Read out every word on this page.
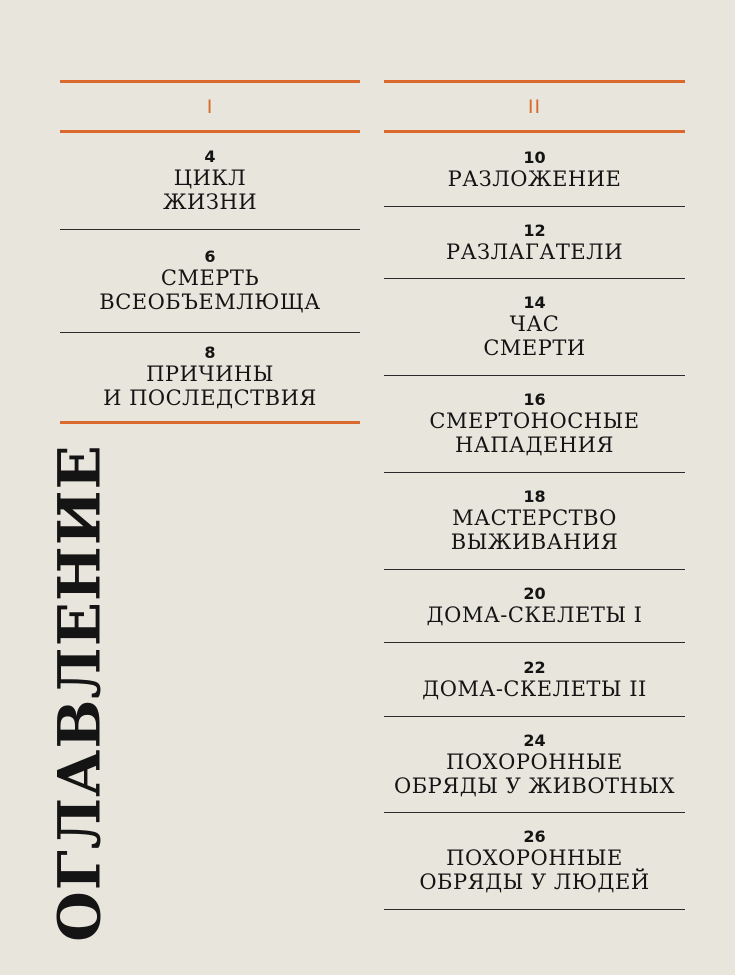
I
4
ЦИКЛ
ЖИЗНИ
6
СМЕРТЬ
ВСЕОБЪЕМЛЮЩА
8
ПРИЧИНЫ
И ПОСЛЕДСТВИЯ
ОГЛАВЛЕНИЕ
II
10
РАЗЛОЖЕНИЕ
12
РАЗЛАГАТЕЛИ
14
ЧАС
СМЕРТИ
16
СМЕРТОНОСНЫЕ
НАПАДЕНИЯ
18
МАСТЕРСТВО
ВЫЖИВАНИЯ
20
ДОМА-СКЕЛЕТЫ I
22
ДОМА-СКЕЛЕТЫ II
24
ПОХОРОННЫЕ
ОБРЯДЫ У ЖИВОТНЫХ
26
ПОХОРОННЫЕ
ОБРЯДЫ У ЛЮДЕЙ
